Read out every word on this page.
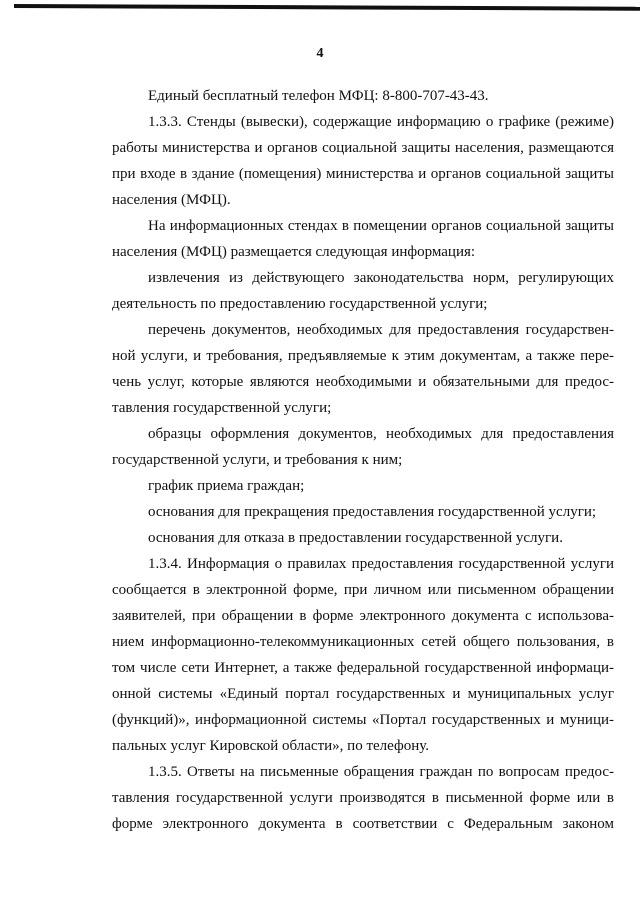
4
Единый бесплатный телефон МФЦ: 8-800-707-43-43.
1.3.3. Стенды (вывески), содержащие информацию о графике (режиме)
работы министерства и органов социальной защиты населения, размещаются
при входе в здание (помещения) министерства и органов социальной защиты
населения (МФЦ).
На информационных стендах в помещении органов социальной защиты
населения (МФЦ) размещается следующая информация:
извлечения из действующего законодательства норм, регулирующих
деятельность по предоставлению государственной услуги;
перечень документов, необходимых для предоставления государствен-
ной услуги, и требования, предъявляемые к этим документам, а также пере-
чень услуг, которые являются необходимыми и обязательными для предос-
тавления государственной услуги;
образцы оформления документов, необходимых для предоставления
государственной услуги, и требования к ним;
график приема граждан;
основания для прекращения предоставления государственной услуги;
основания для отказа в предоставлении государственной услуги.
1.3.4. Информация о правилах предоставления государственной услуги
сообщается в электронной форме, при личном или письменном обращении
заявителей, при обращении в форме электронного документа с использова-
нием информационно-телекоммуникационных сетей общего пользования, в
том числе сети Интернет, а также федеральной государственной информаци-
онной системы «Единый портал государственных и муниципальных услуг
(функций)», информационной системы «Портал государственных и муници-
пальных услуг Кировской области», по телефону.
1.3.5. Ответы на письменные обращения граждан по вопросам предос-
тавления государственной услуги производятся в письменной форме или в
форме электронного документа в соответствии с Федеральным законом
